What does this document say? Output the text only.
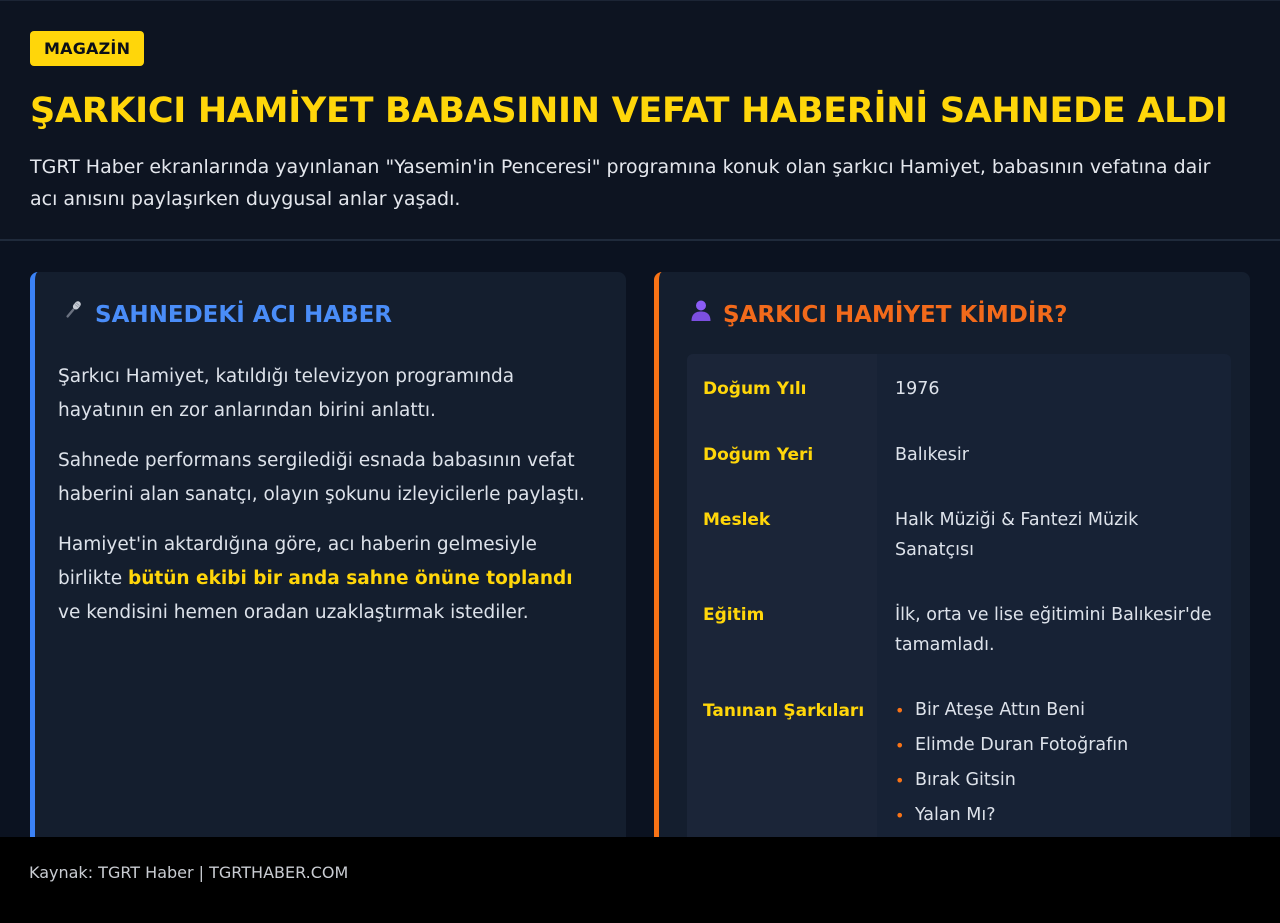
MAGAZİN
ŞARKICI HAMİYET BABASININ VEFAT HABERİNİ SAHNEDE ALDI

TGRT Haber ekranlarında yayınlanan "Yasemin'in Penceresi" programına konuk olan şarkıcı Hamiyet, babasının vefatına dair acı anısını paylaşırken duygusal anlar yaşadı.

SAHNEDEKİ ACI HABER

Şarkıcı Hamiyet, katıldığı televizyon programında hayatının en zor anlarından birini anlattı.

Sahnede performans sergilediği esnada babasının vefat haberini alan sanatçı, olayın şokunu izleyicilerle paylaştı.

Hamiyet'in aktardığına göre, acı haberin gelmesiyle birlikte bütün ekibi bir anda sahne önüne toplandı ve kendisini hemen oradan uzaklaştırmak istediler.

ŞARKICI HAMİYET KİMDİR?
Doğum Yılı	1976
Doğum Yeri	Balıkesir
Meslek	Halk Müziği & Fantezi Müzik Sanatçısı
Eğitim	İlk, orta ve lise eğitimini Balıkesir'de tamamladı.
Tanınan Şarkıları	• Bir Ateşe Attın Beni
• Elimde Duran Fotoğrafın
• Bırak Gitsin
• Yalan Mı?
Kaynak: TGRT Haber | TGRTHABER.COM
